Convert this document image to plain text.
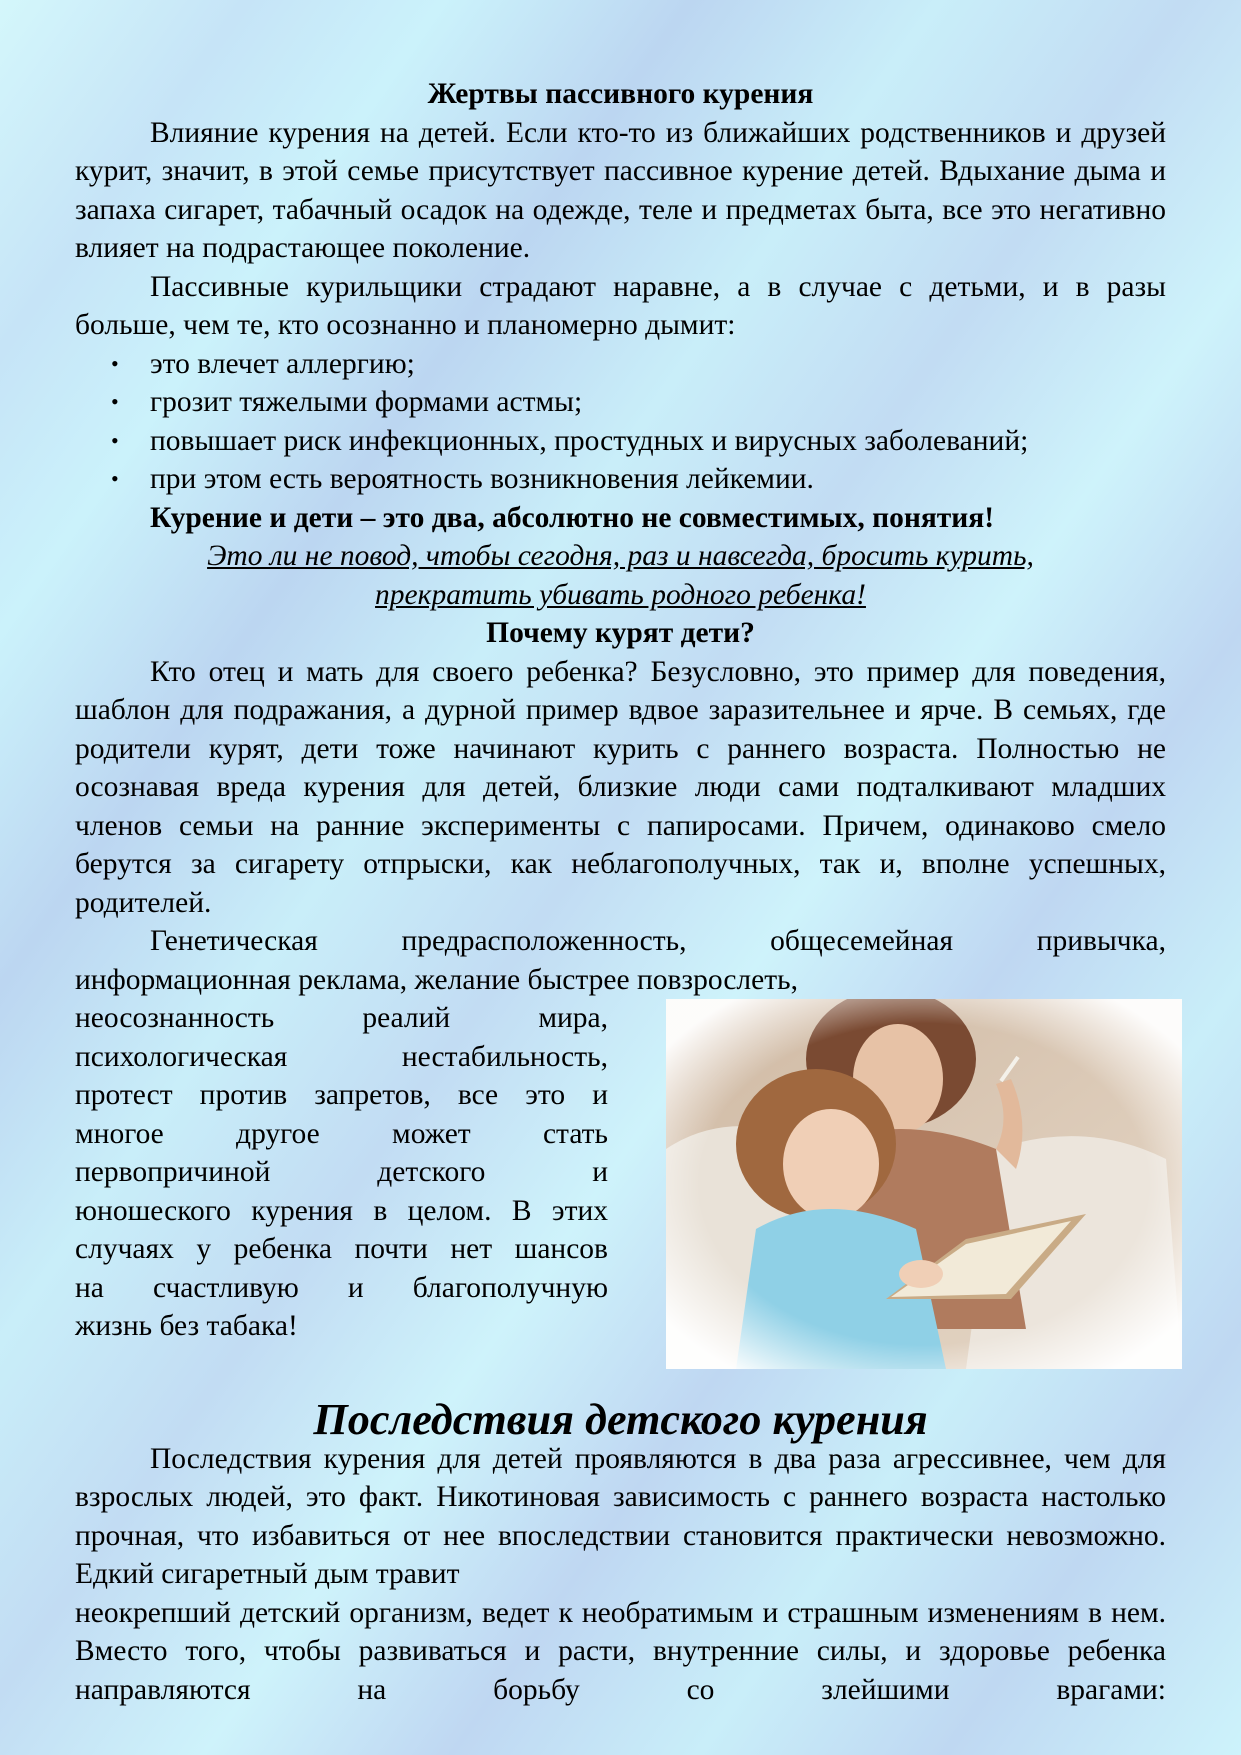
Жертвы пассивного курения

Влияние курения на детей. Если кто-то из ближайших родственников и друзей курит, значит, в этой семье присутствует пассивное курение детей. Вдыхание дыма и запаха сигарет, табачный осадок на одежде, теле и предметах быта, все это негативно влияет на подрастающее поколение.

Пассивные курильщики страдают наравне, а в случае с детьми, и в разы больше, чем те, кто осознанно и планомерно дымит:

• это влечет аллергию;
• грозит тяжелыми формами астмы;
• повышает риск инфекционных, простудных и вирусных заболеваний;
• при этом есть вероятность возникновения лейкемии.

Курение и дети – это два, абсолютно не совместимых, понятия!

Это ли не повод, чтобы сегодня, раз и навсегда, бросить курить,

прекратить убивать родного ребенка!

Почему курят дети?

Кто отец и мать для своего ребенка? Безусловно, это пример для поведения, шаблон для подражания, а дурной пример вдвое заразительнее и ярче. В семьях, где родители курят, дети тоже начинают курить с раннего возраста. Полностью не осознавая вреда курения для детей, близкие люди сами подталкивают младших членов семьи на ранние эксперименты с папиросами. Причем, одинаково смело берутся за сигарету отпрыски, как неблагополучных, так и, вполне успешных, родителей.

Генетическая предрасположенность, общесемейная привычка,

информационная реклама, желание быстрее повзрослеть,

неосознанность реалий мира,
психологическая нестабильность,
протест против запретов, все это и
многое другое может стать
первопричиной детского и
юношеского курения в целом. В этих
случаях у ребенка почти нет шансов
на счастливую и благополучную
жизнь без табака!
Последствия детского курения

Последствия курения для детей проявляются в два раза агрессивнее, чем для взрослых людей, это факт. Никотиновая зависимость с раннего возраста настолько прочная, что избавиться от нее впоследствии становится практически невозможно. Едкий сигаретный дым травит

неокрепший детский организм, ведет к необратимым и страшным изменениям в нем. Вместо того, чтобы развиваться и расти, внутренние силы, и здоровье ребенка направляются на борьбу со злейшими врагами:
